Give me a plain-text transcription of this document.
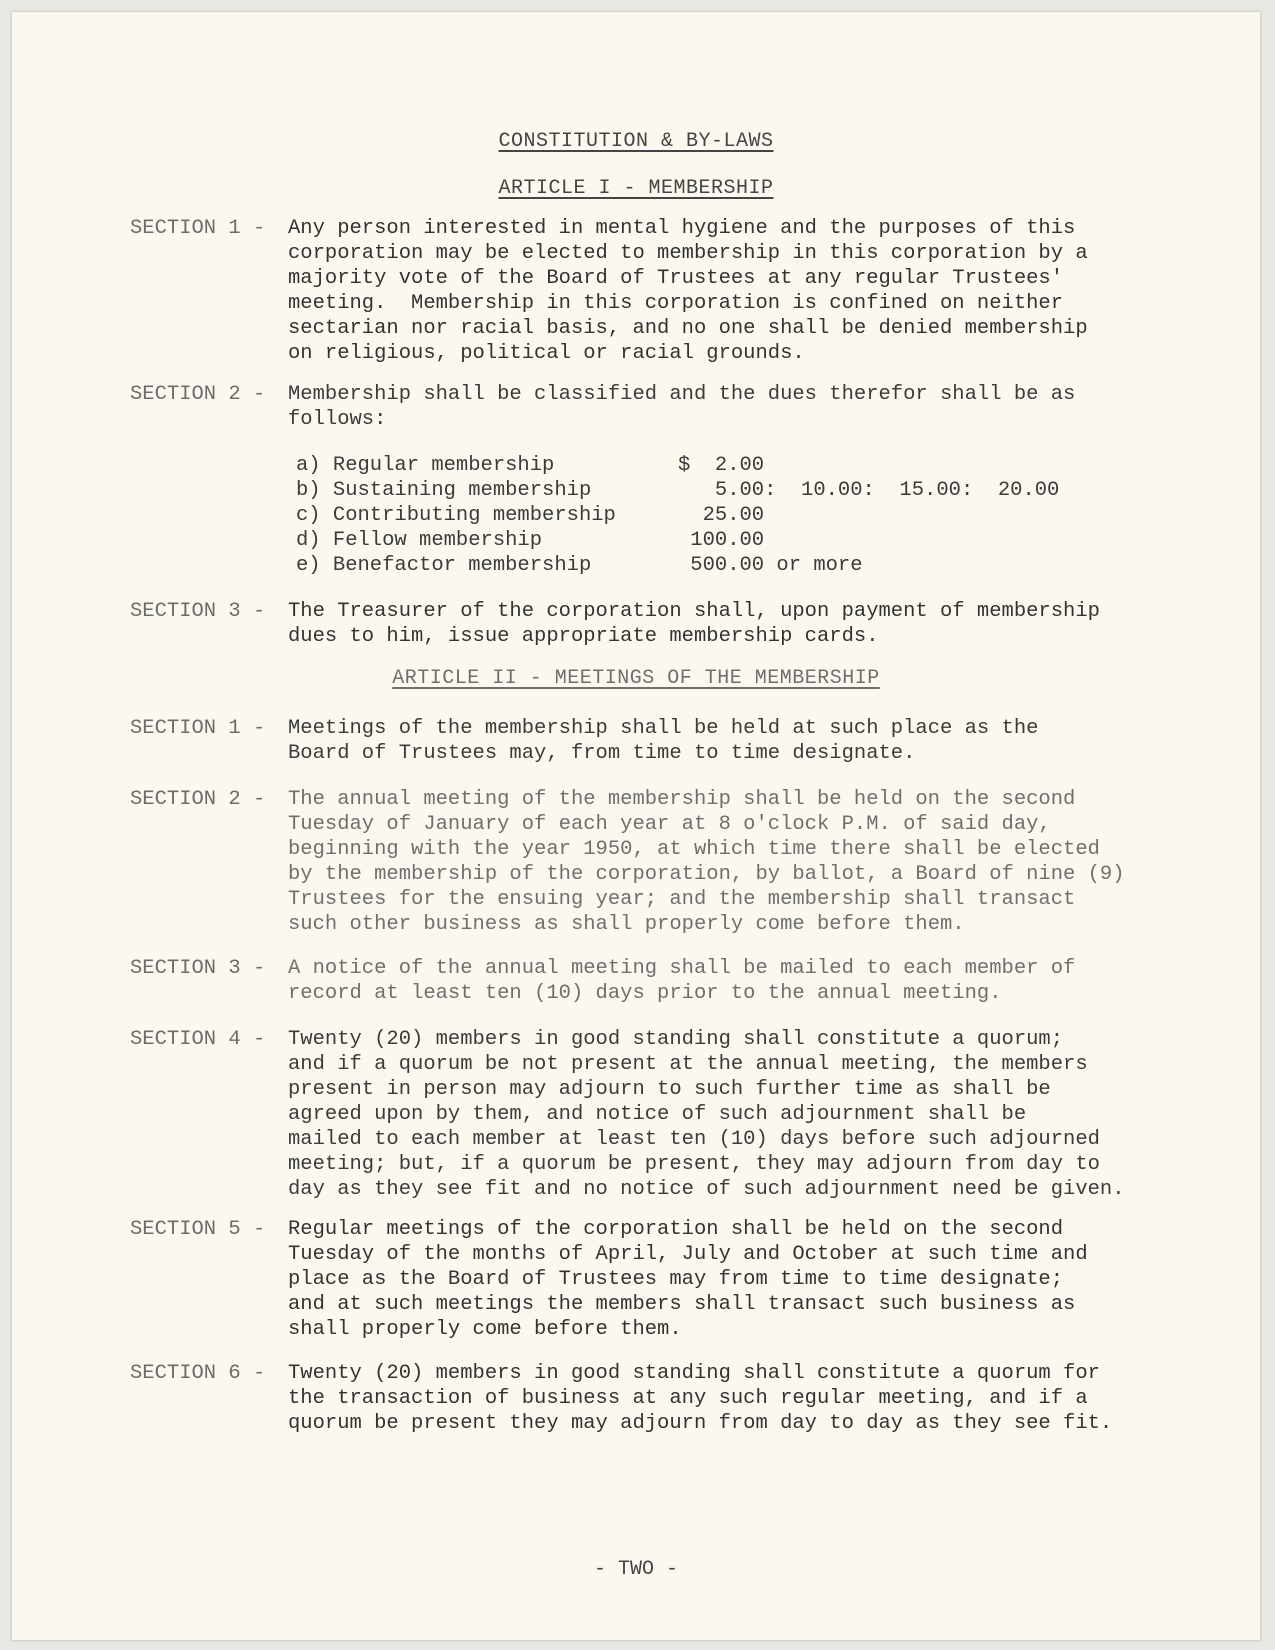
CONSTITUTION & BY-LAWS
ARTICLE I - MEMBERSHIP
SECTION 1 -	Any person interested in mental hygiene and the purposes of this
corporation may be elected to membership in this corporation by a
majority vote of the Board of Trustees at any regular Trustees'
meeting.  Membership in this corporation is confined on neither
sectarian nor racial basis, and no one shall be denied membership
on religious, political or racial grounds.
SECTION 2 -	Membership shall be classified and the dues therefor shall be as
follows:
a) Regular membership	$  2.00
b) Sustaining membership	5.00:  10.00:  15.00:  20.00
c) Contributing membership	25.00
d) Fellow membership	100.00
e) Benefactor membership	500.00 or more
SECTION 3 -	The Treasurer of the corporation shall, upon payment of membership
dues to him, issue appropriate membership cards.
ARTICLE II - MEETINGS OF THE MEMBERSHIP
SECTION 1 -	Meetings of the membership shall be held at such place as the
Board of Trustees may, from time to time designate.
SECTION 2 -	The annual meeting of the membership shall be held on the second
Tuesday of January of each year at 8 o'clock P.M. of said day,
beginning with the year 1950, at which time there shall be elected
by the membership of the corporation, by ballot, a Board of nine (9)
Trustees for the ensuing year; and the membership shall transact
such other business as shall properly come before them.
SECTION 3 -	A notice of the annual meeting shall be mailed to each member of
record at least ten (10) days prior to the annual meeting.
SECTION 4 -	Twenty (20) members in good standing shall constitute a quorum;
and if a quorum be not present at the annual meeting, the members
present in person may adjourn to such further time as shall be
agreed upon by them, and notice of such adjournment shall be
mailed to each member at least ten (10) days before such adjourned
meeting; but, if a quorum be present, they may adjourn from day to
day as they see fit and no notice of such adjournment need be given.
SECTION 5 -	Regular meetings of the corporation shall be held on the second
Tuesday of the months of April, July and October at such time and
place as the Board of Trustees may from time to time designate;
and at such meetings the members shall transact such business as
shall properly come before them.
SECTION 6 -	Twenty (20) members in good standing shall constitute a quorum for
the transaction of business at any such regular meeting, and if a
quorum be present they may adjourn from day to day as they see fit.
- TWO -
